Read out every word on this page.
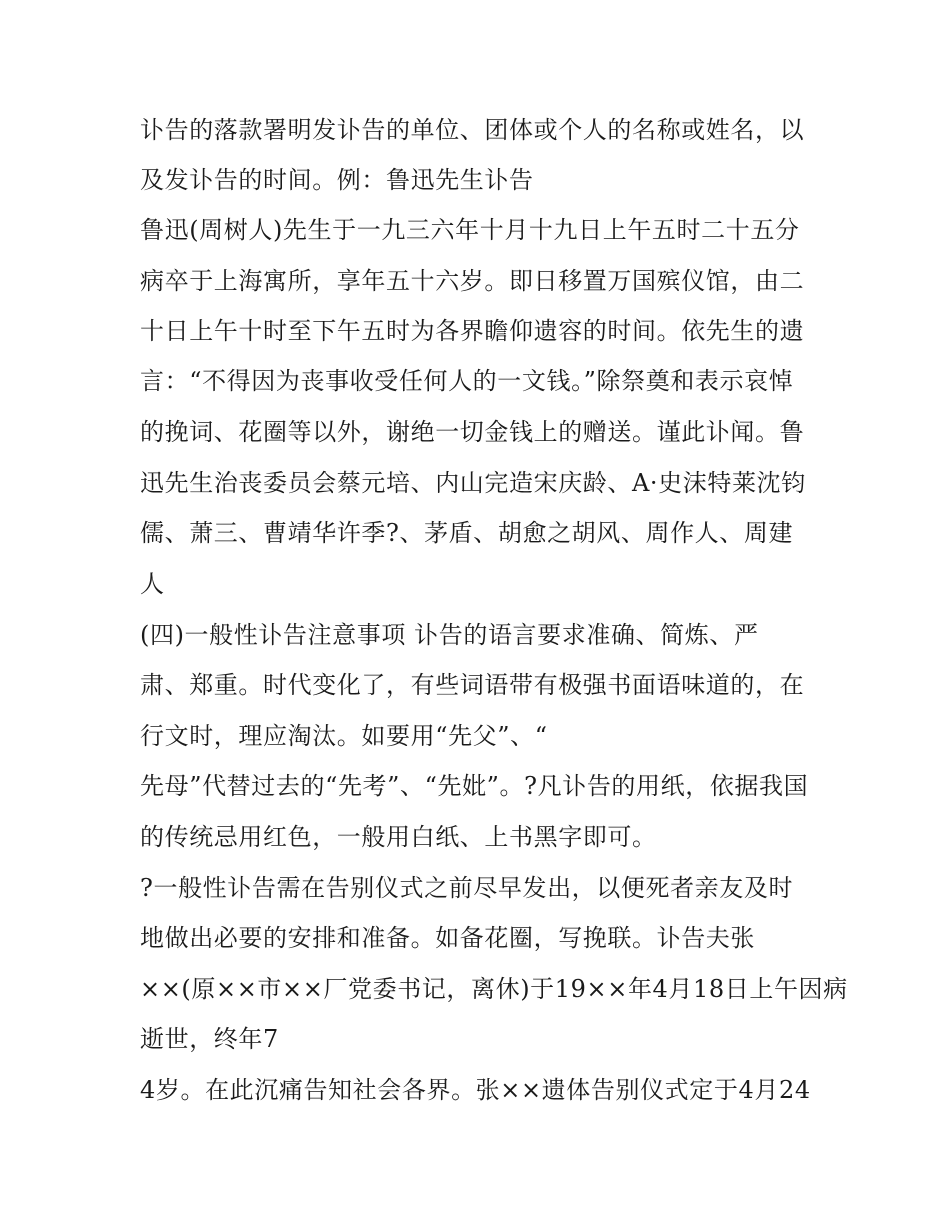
讣告的落款署明发讣告的单位、团体或个人的名称或姓名，以
及发讣告的时间。例：鲁迅先生讣告
鲁迅(周树人)先生于一九三六年十月十九日上午五时二十五分
病卒于上海寓所，享年五十六岁。即日移置万国殡仪馆，由二
十日上午十时至下午五时为各界瞻仰遗容的时间。依先生的遗
言：“不得因为丧事收受任何人的一文钱。”除祭奠和表示哀悼
的挽词、花圈等以外，谢绝一切金钱上的赠送。谨此讣闻。鲁
迅先生治丧委员会蔡元培、内山完造宋庆龄、A·史沫特莱沈钧
儒、萧三、曹靖华许季?、茅盾、胡愈之胡风、周作人、周建
人
(四)一般性讣告注意事项 讣告的语言要求准确、简炼、严
肃、郑重。时代变化了，有些词语带有极强书面语味道的，在
行文时，理应淘汰。如要用“先父”、“
先母”代替过去的“先考”、“先妣”。?凡讣告的用纸，依据我国
的传统忌用红色，一般用白纸、上书黑字即可。
?一般性讣告需在告别仪式之前尽早发出，以便死者亲友及时
地做出必要的安排和准备。如备花圈，写挽联。讣告夫张
××(原××市××厂党委书记，离休)于19××年4月18日上午因病
逝世，终年7
4岁。在此沉痛告知社会各界。张××遗体告别仪式定于4月24
